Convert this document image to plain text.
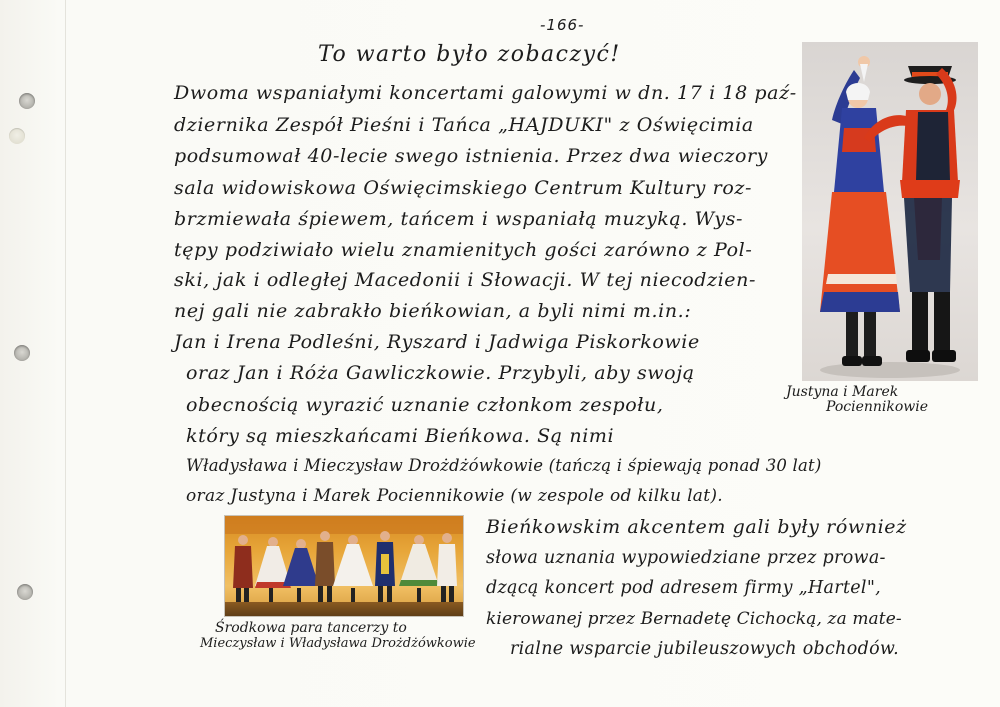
-166-
To warto było zobaczyć!
Dwoma wspaniałymi koncertami galowymi w dn. 17 i 18 paź-
dziernika Zespół Pieśni i Tańca „HAJDUKI" z Oświęcimia
podsumował 40-lecie swego istnienia. Przez dwa wieczory
sala widowiskowa Oświęcimskiego Centrum Kultury roz-
brzmiewała śpiewem, tańcem i wspaniałą muzyką. Wys-
tępy podziwiało wielu znamienitych gości zarówno z Pol-
ski, jak i odległej Macedonii i Słowacji. W tej niecodzien-
nej gali nie zabrakło bieńkowian, a byli nimi m.in.:
Jan i Irena Podleśni, Ryszard i Jadwiga Piskorkowie
oraz Jan i Róża Gawliczkowie. Przybyli, aby swoją
obecnością wyrazić uznanie członkom zespołu,
który są mieszkańcami Bieńkowa. Są nimi
Władysława i Mieczysław Drożdżówkowie (tańczą i śpiewają ponad 30 lat)
oraz Justyna i Marek Pociennikowie (w zespole od kilku lat).
Bieńkowskim akcentem gali były również
słowa uznania wypowiedziane przez prowa-
dzącą koncert pod adresem firmy „Hartel",
kierowanej przez Bernadetę Cichocką, za mate-
rialne wsparcie jubileuszowych obchodów.
Justyna i Marek
Pociennikowie
Środkowa para tancerzy to
Mieczysław i Władysława Drożdżówkowie
